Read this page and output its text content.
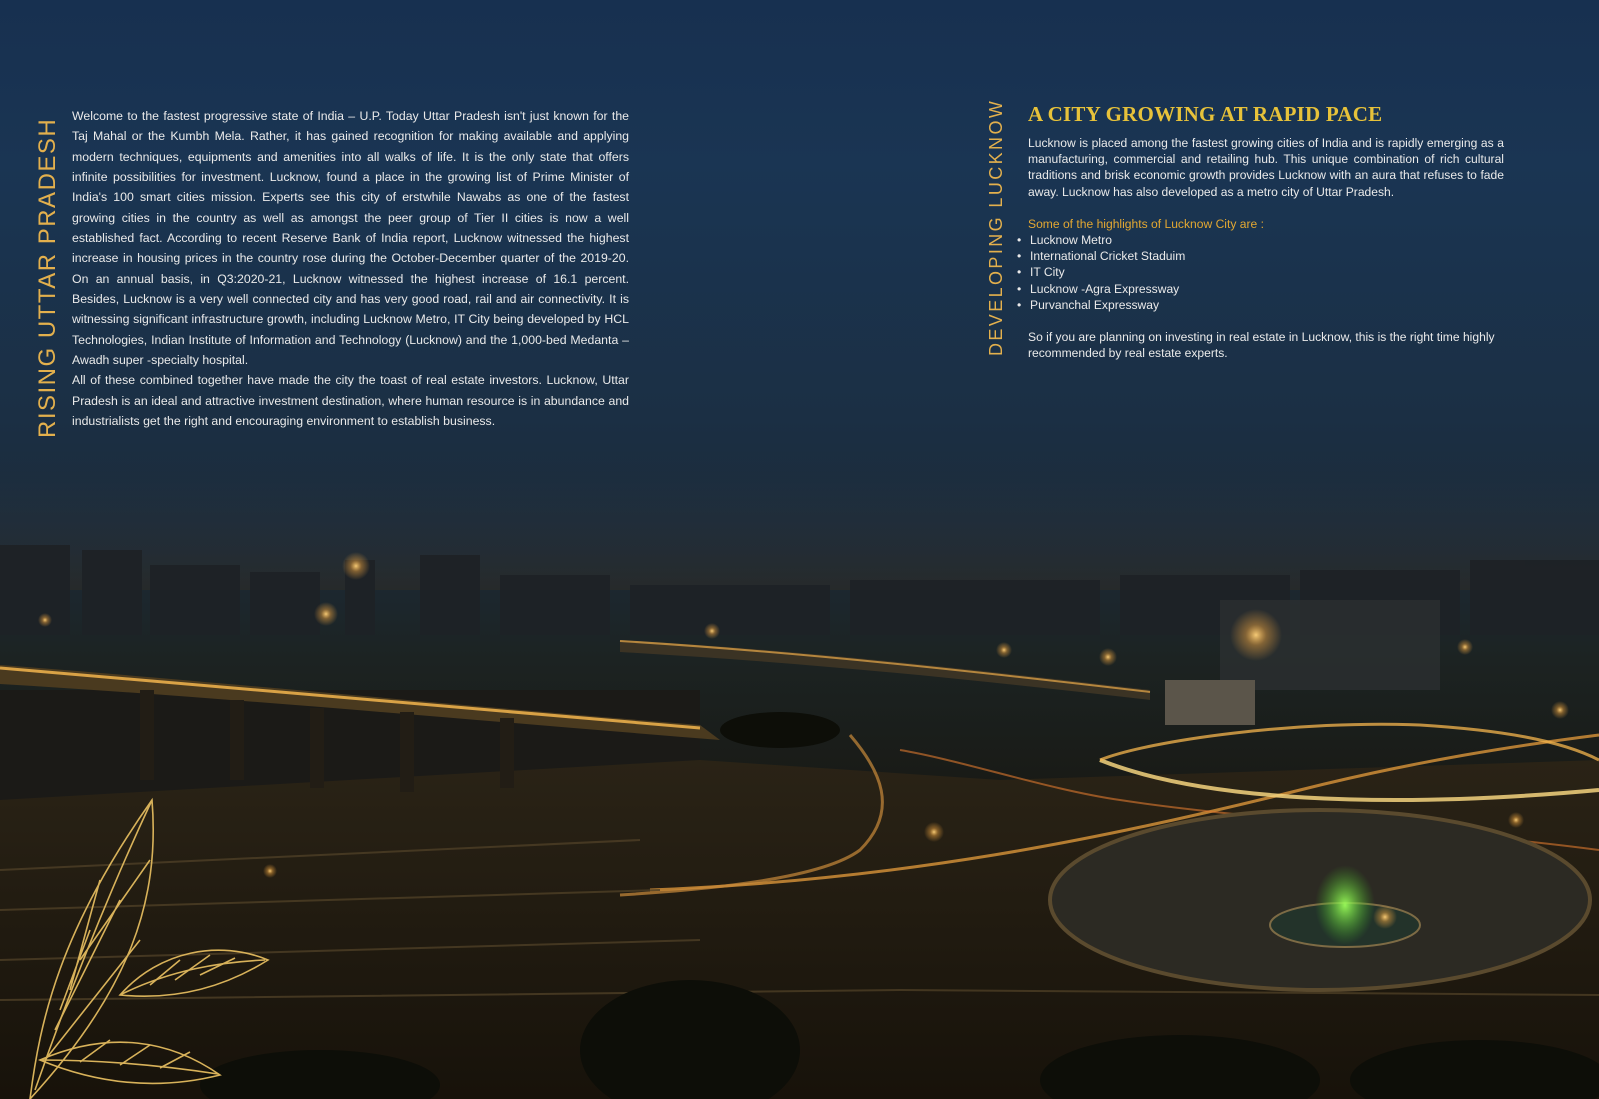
RISING UTTAR PRADESH

Welcome to the fastest progressive state of India – U.P. Today Uttar Pradesh isn't just known for the Taj Mahal or the Kumbh Mela. Rather, it has gained recognition for making available and applying modern techniques, equipments and amenities into all walks of life. It is the only state that offers infinite possibilities for investment. Lucknow, found a place in the growing list of Prime Minister of India's 100 smart cities mission. Experts see this city of erstwhile Nawabs as one of the fastest growing cities in the country as well as amongst the peer group of Tier II cities is now a well established fact. According to recent Reserve Bank of India report, Lucknow witnessed the highest increase in housing prices in the country rose during the October-December quarter of the 2019-20. On an annual basis, in Q3:2020-21, Lucknow witnessed the highest increase of 16.1 percent. Besides, Lucknow is a very well connected city and has very good road, rail and air connectivity. It is witnessing significant infrastructure growth, including Lucknow Metro, IT City being developed by HCL Technologies, Indian Institute of Information and Technology (Lucknow) and the 1,000-bed Medanta – Awadh super -specialty hospital.

All of these combined together have made the city the toast of real estate investors. Lucknow, Uttar Pradesh is an ideal and attractive investment destination, where human resource is in abundance and industrialists get the right and encouraging environment to establish business.

DEVELOPING LUCKNOW A CITY GROWING AT RAPID PACE

Lucknow is placed among the fastest growing cities of India and is rapidly emerging as a manufacturing, commercial and retailing hub. This unique combination of rich cultural traditions and brisk economic growth provides Lucknow with an aura that refuses to fade away. Lucknow has also developed as a metro city of Uttar Pradesh.

Some of the highlights of Lucknow City are :

• Lucknow Metro
• International Cricket Staduim
• IT City
• Lucknow -Agra Expressway
• Purvanchal Expressway

So if you are planning on investing in real estate in Lucknow, this is the right time highly recommended by real estate experts.
